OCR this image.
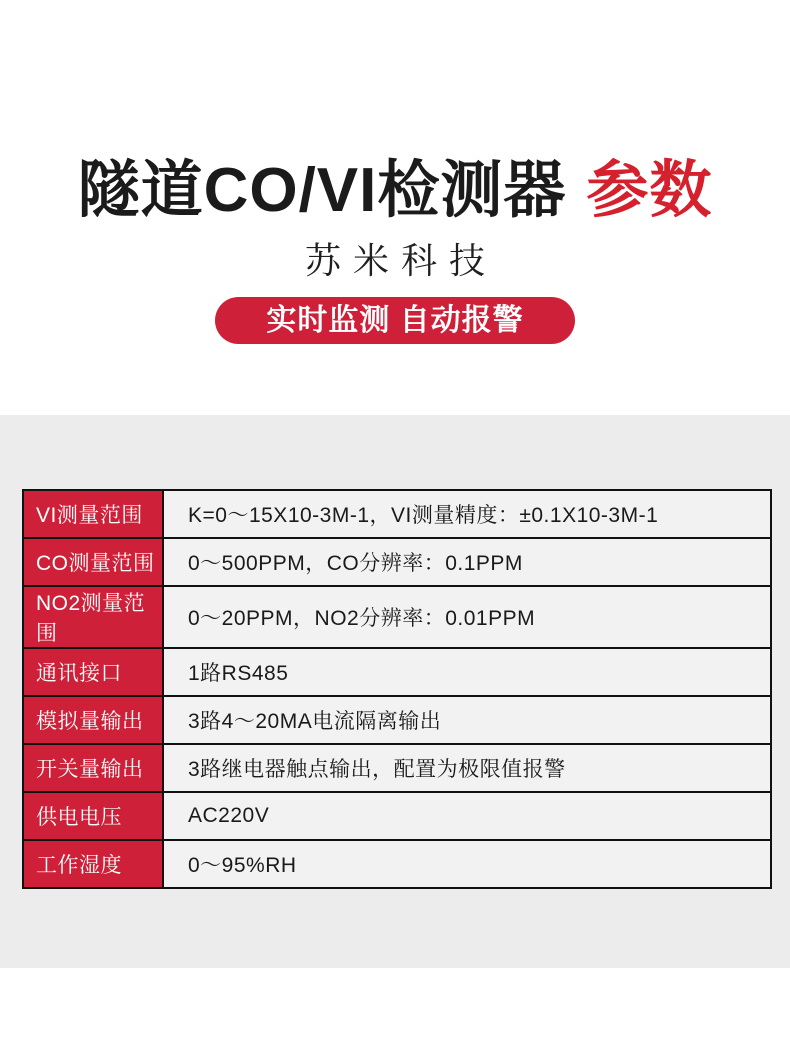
隧道CO/VI检测器 参数
苏米科技
实时监测 自动报警
VI测量范围	K=0～15X10-3M-1，VI测量精度：±0.1X10-3M-1
CO测量范围	0～500PPM，CO分辨率：0.1PPM
NO2测量范围	0～20PPM，NO2分辨率：0.01PPM
通讯接口	1路RS485
模拟量输出	3路4～20MA电流隔离输出
开关量输出	3路继电器触点输出，配置为极限值报警
供电电压	AC220V
工作湿度	0～95%RH
